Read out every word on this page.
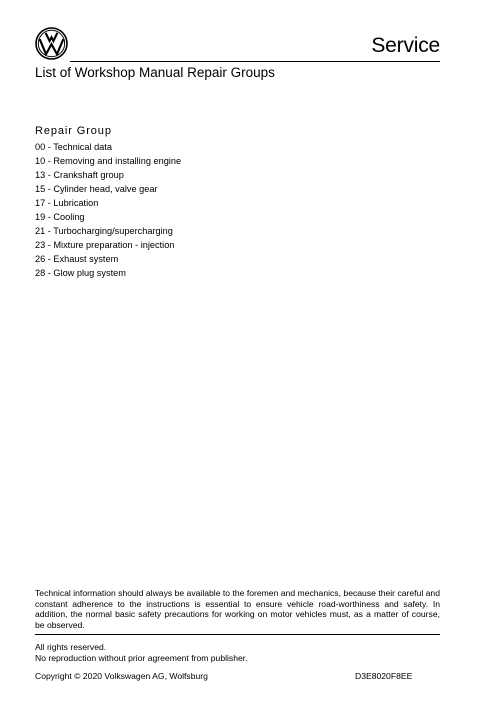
Service
List of Workshop Manual Repair Groups
Repair Group
00 - Technical data
10 - Removing and installing engine
13 - Crankshaft group
15 - Cylinder head, valve gear
17 - Lubrication
19 - Cooling
21 - Turbocharging/supercharging
23 - Mixture preparation - injection
26 - Exhaust system
28 - Glow plug system
Technical information should always be available to the foremen and mechanics, because their careful and constant adherence to the instructions is essential to ensure vehicle road-worthiness and safety. In addition, the normal basic safety precautions for working on motor vehicles must, as a matter of course, be observed.
All rights reserved.
No reproduction without prior agreement from publisher.
Copyright © 2020 Volkswagen AG, Wolfsburg	D3E8020F8EE
